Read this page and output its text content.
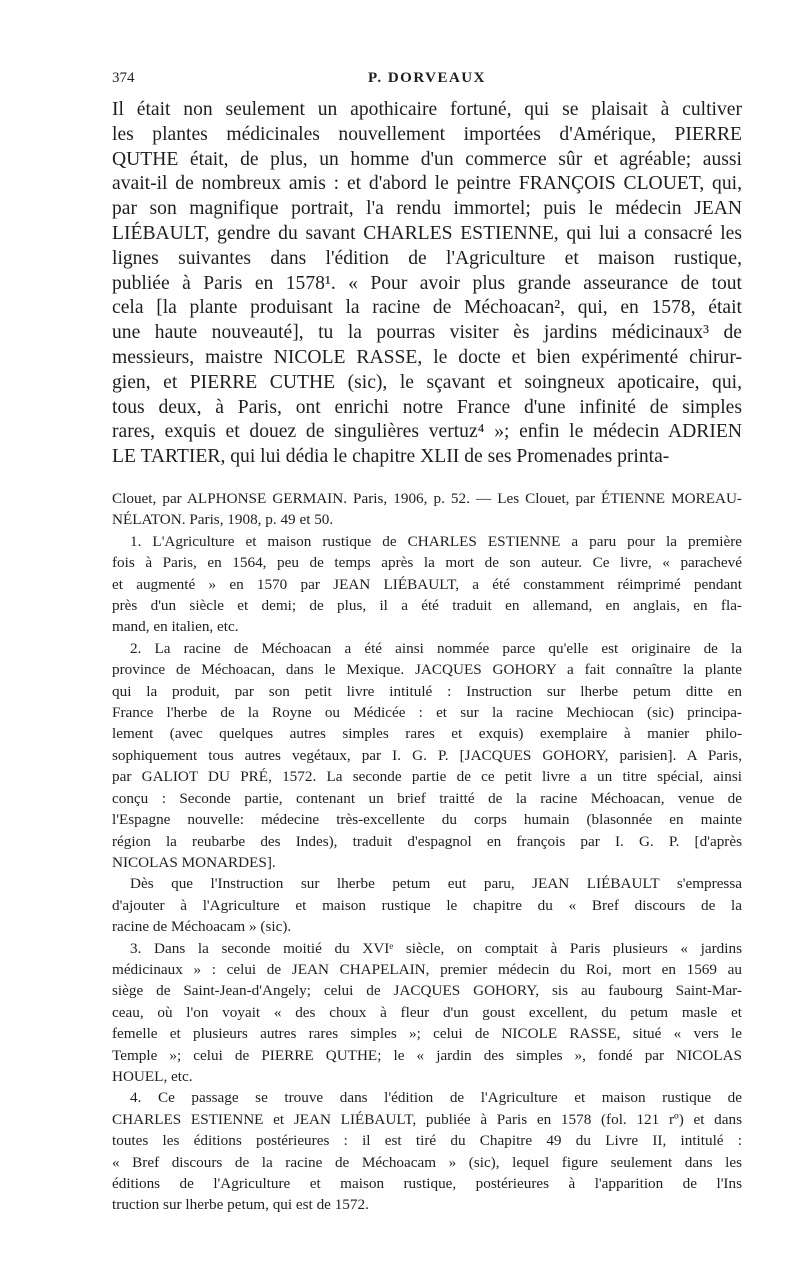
374	P. DORVEAUX
Il était non seulement un apothicaire fortuné, qui se plaisait à cultiver
les plantes médicinales nouvellement importées d'Amérique, PIERRE
QUTHE était, de plus, un homme d'un commerce sûr et agréable; aussi
avait-il de nombreux amis : et d'abord le peintre FRANÇOIS CLOUET, qui,
par son magnifique portrait, l'a rendu immortel; puis le médecin JEAN
LIÉBAULT, gendre du savant CHARLES ESTIENNE, qui lui a consacré les
lignes suivantes dans l'édition de l'Agriculture et maison rustique,
publiée à Paris en 1578¹. « Pour avoir plus grande asseurance de tout
cela [la plante produisant la racine de Méchoacan², qui, en 1578, était
une haute nouveauté], tu la pourras visiter ès jardins médicinaux³ de
messieurs, maistre NICOLE RASSE, le docte et bien expérimenté chirur-
gien, et PIERRE CUTHE (sic), le sçavant et soingneux apoticaire, qui,
tous deux, à Paris, ont enrichi notre France d'une infinité de simples
rares, exquis et douez de singulières vertuz⁴ »; enfin le médecin ADRIEN
LE TARTIER, qui lui dédia le chapitre XLII de ses Promenades printa-
Clouet, par ALPHONSE GERMAIN. Paris, 1906, p. 52. — Les Clouet, par ÉTIENNE MOREAU-
NÉLATON. Paris, 1908, p. 49 et 50.
1. L'Agriculture et maison rustique de CHARLES ESTIENNE a paru pour la première
fois à Paris, en 1564, peu de temps après la mort de son auteur. Ce livre, « parachevé
et augmenté » en 1570 par JEAN LIÉBAULT, a été constamment réimprimé pendant
près d'un siècle et demi; de plus, il a été traduit en allemand, en anglais, en fla-
mand, en italien, etc.
2. La racine de Méchoacan a été ainsi nommée parce qu'elle est originaire de la
province de Méchoacan, dans le Mexique. JACQUES GOHORY a fait connaître la plante
qui la produit, par son petit livre intitulé : Instruction sur lherbe petum ditte en
France l'herbe de la Royne ou Médicée : et sur la racine Mechiocan (sic) principa-
lement (avec quelques autres simples rares et exquis) exemplaire à manier philo-
sophiquement tous autres vegétaux, par I. G. P. [JACQUES GOHORY, parisien]. A Paris,
par GALIOT DU PRÉ, 1572. La seconde partie de ce petit livre a un titre spécial, ainsi
conçu : Seconde partie, contenant un brief traitté de la racine Méchoacan, venue de
l'Espagne nouvelle: médecine très-excellente du corps humain (blasonnée en mainte
région la reubarbe des Indes), traduit d'espagnol en françois par I. G. P. [d'après
NICOLAS MONARDES].
Dès que l'Instruction sur lherbe petum eut paru, JEAN LIÉBAULT s'empressa
d'ajouter à l'Agriculture et maison rustique le chapitre du « Bref discours de la
racine de Méchoacam » (sic).
3. Dans la seconde moitié du XVIᵉ siècle, on comptait à Paris plusieurs « jardins
médicinaux » : celui de JEAN CHAPELAIN, premier médecin du Roi, mort en 1569 au
siège de Saint-Jean-d'Angely; celui de JACQUES GOHORY, sis au faubourg Saint-Mar-
ceau, où l'on voyait « des choux à fleur d'un goust excellent, du petum masle et
femelle et plusieurs autres rares simples »; celui de NICOLE RASSE, situé « vers le
Temple »; celui de PIERRE QUTHE; le « jardin des simples », fondé par NICOLAS
HOUEL, etc.
4. Ce passage se trouve dans l'édition de l'Agriculture et maison rustique de
CHARLES ESTIENNE et JEAN LIÉBAULT, publiée à Paris en 1578 (fol. 121 rº) et dans
toutes les éditions postérieures : il est tiré du Chapitre 49 du Livre II, intitulé :
« Bref discours de la racine de Méchoacam » (sic), lequel figure seulement dans les
éditions de l'Agriculture et maison rustique, postérieures à l'apparition de l'Ins
truction sur lherbe petum, qui est de 1572.
